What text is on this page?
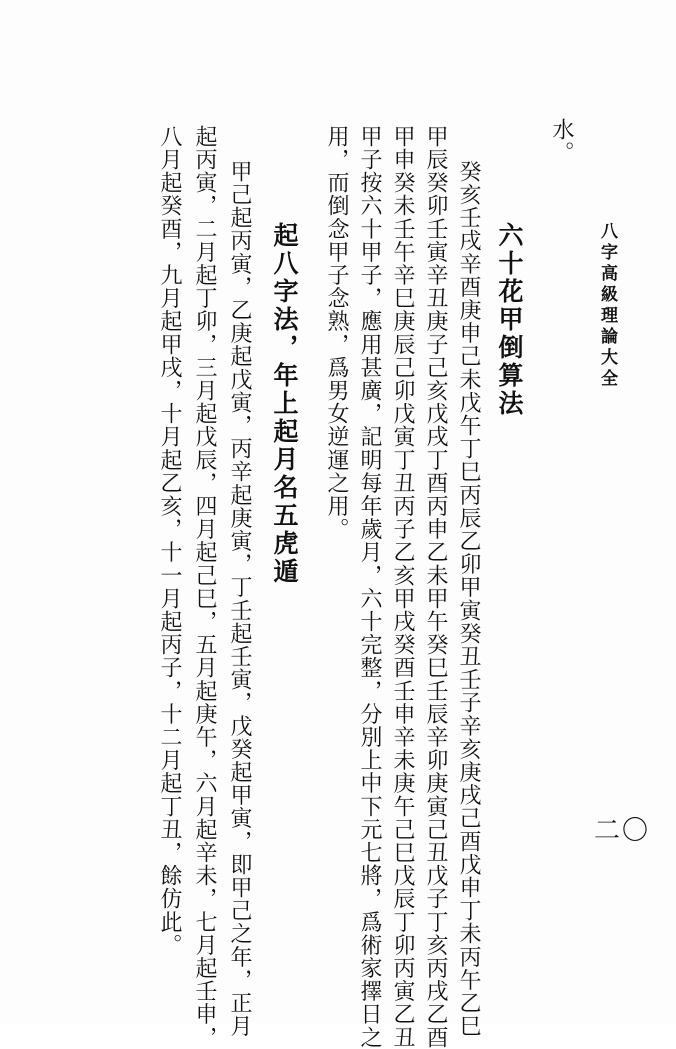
八字高級理論大全
二〇
水。
六十花甲倒算法
癸亥壬戌辛酉庚申己未戊午丁巳丙辰乙卯甲寅癸丑壬子辛亥庚戌己酉戊申丁未丙午乙巳
甲辰癸卯壬寅辛丑庚子己亥戊戌丁酉丙申乙未甲午癸巳壬辰辛卯庚寅己丑戊子丁亥丙戌乙酉
甲申癸未壬午辛巳庚辰己卯戊寅丁丑丙子乙亥甲戌癸酉壬申辛未庚午己巳戊辰丁卯丙寅乙丑
甲子按六十甲子，應用甚廣，記明每年歲月，六十完整，分別上中下元七將，爲術家擇日之
用，而倒念甲子念熟，爲男女逆運之用。
起八字法，年上起月名五虎遁
甲己起丙寅，乙庚起戊寅，丙辛起庚寅，丁壬起壬寅，戊癸起甲寅，即甲己之年，正月
起丙寅，二月起丁卯，三月起戊辰，四月起己巳，五月起庚午，六月起辛未，七月起壬申，
八月起癸酉，九月起甲戌，十月起乙亥，十一月起丙子，十二月起丁丑，餘仿此。
